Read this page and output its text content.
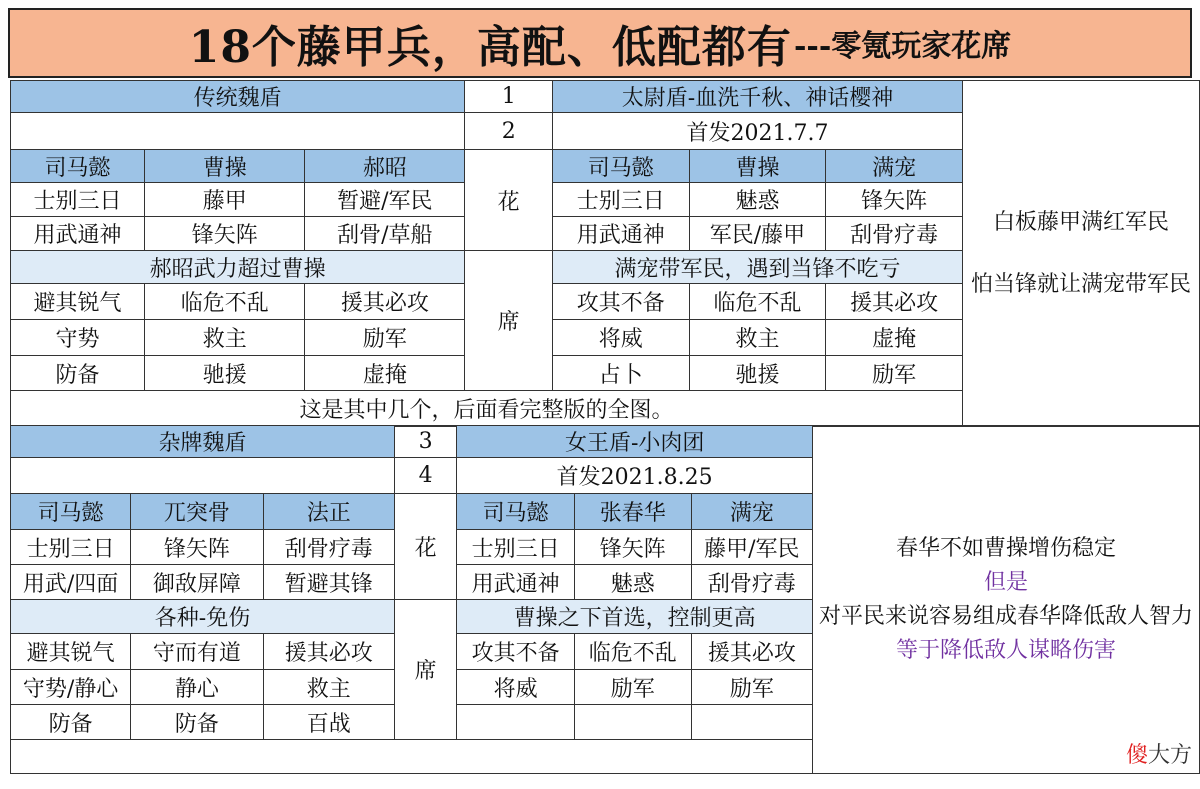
18个藤甲兵，高配、低配都有 ---零氪玩家花席
传统魏盾			1	太尉盾-血洗千秋、神话樱神			白板藤甲满红军民
怕当锋就让满宠带军民

			2	首发2021.7.7			
司马懿	曹操	郝昭	花	司马懿	曹操	满宠	
士别三日	藤甲	暂避/军民		士别三日	魅惑	锋矢阵	
用武通神	锋矢阵	刮骨/草船		用武通神	军民/藤甲	刮骨疗毒	
郝昭武力超过曹操			席	满宠带军民，遇到当锋不吃亏			
避其锐气	临危不乱	援其必攻		攻其不备	临危不乱	援其必攻	
守势	救主	励军		将威	救主	虚掩	
防备	驰援	虚掩		占卜	驰援	励军	
这是其中几个，后面看完整版的全图。							
杂牌魏盾			3	女王盾-小肉团			春华不如曹操增伤稳定
但是
对平民来说容易组成春华降低敌人智力
等于降低敌人谋略伤害

			4	首发2021.8.25			
司马懿	兀突骨	法正	花	司马懿	张春华	满宠	
士别三日	锋矢阵	刮骨疗毒		士别三日	锋矢阵	藤甲/军民	
用武/四面	御敌屏障	暂避其锋		用武通神	魅惑	刮骨疗毒	
各种-免伤			席	曹操之下首选，控制更高			
避其锐气	守而有道	援其必攻		攻其不备	临危不乱	援其必攻	
守势/静心	静心	救主		将威	励军	励军	
防备	防备	百战					

傻大方
